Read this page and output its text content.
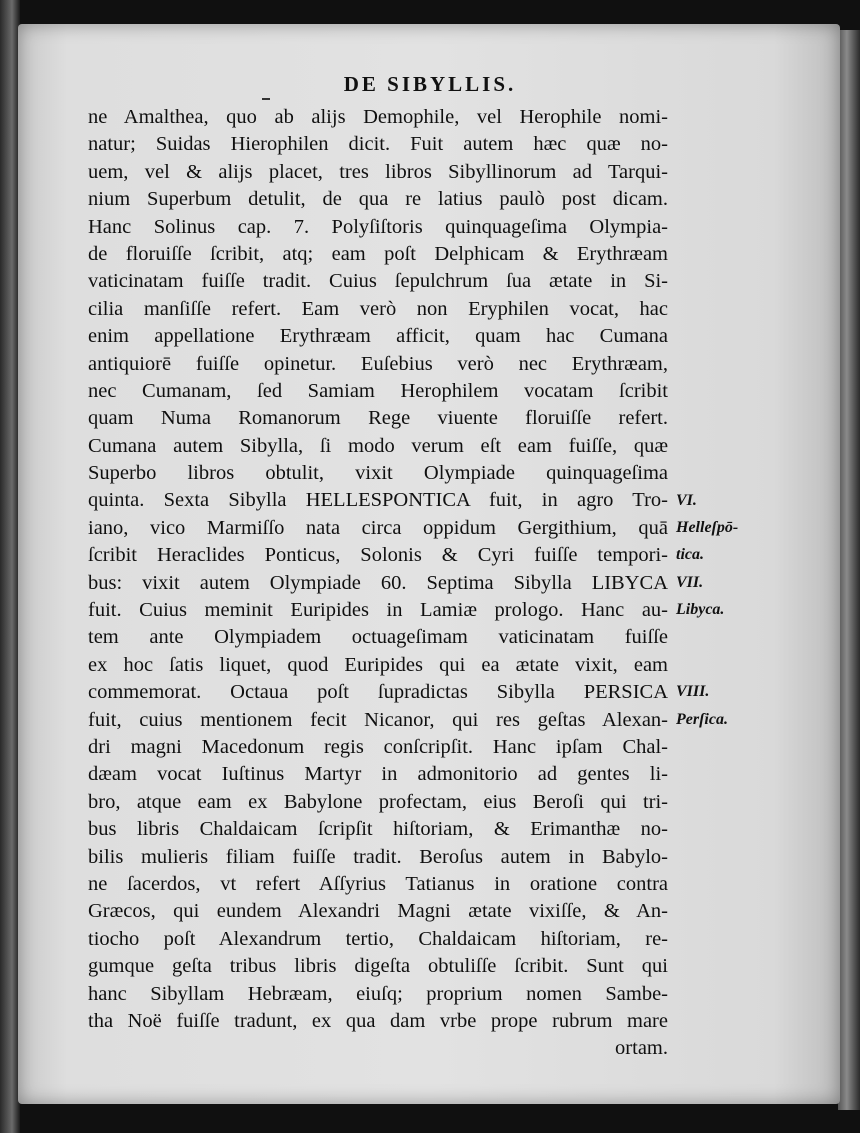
DE SIBYLLIS.
ne Amalthea, quo ab alijs Demophile, vel Herophile nomi-
natur; Suidas Hierophilen dicit. Fuit autem hæc quæ no-
uem, vel & alijs placet, tres libros Sibyllinorum ad Tarqui-
nium Superbum detulit, de qua re latius paulò post dicam.
Hanc Solinus cap. 7. Polyſiſtoris quinquageſima Olympia-
de floruiſſe ſcribit, atq; eam poſt Delphicam & Erythræam
vaticinatam fuiſſe tradit. Cuius ſepulchrum ſua ætate in Si-
cilia manſiſſe refert. Eam verò non Eryphilen vocat, hac
enim appellatione Erythræam afficit, quam hac Cumana
antiquiorē fuiſſe opinetur. Euſebius verò nec Erythræam,
nec Cumanam, ſed Samiam Herophilem vocatam ſcribit
quam Numa Romanorum Rege viuente floruiſſe refert.
Cumana autem Sibylla, ſi modo verum eſt eam fuiſſe, quæ
Superbo libros obtulit, vixit Olympiade quinquageſima
quinta. Sexta Sibylla HELLESPONTICA fuit, in agro Tro-
iano, vico Marmiſſo nata circa oppidum Gergithium, quā
ſcribit Heraclides Ponticus, Solonis & Cyri fuiſſe tempori-
bus: vixit autem Olympiade 60. Septima Sibylla LIBYCA
fuit. Cuius meminit Euripides in Lamiæ prologo. Hanc au-
tem ante Olympiadem octuageſimam vaticinatam fuiſſe
ex hoc ſatis liquet, quod Euripides qui ea ætate vixit, eam
commemorat. Octaua poſt ſupradictas Sibylla PERSICA
fuit, cuius mentionem fecit Nicanor, qui res geſtas Alexan-
dri magni Macedonum regis conſcripſit. Hanc ipſam Chal-
dæam vocat Iuſtinus Martyr in admonitorio ad gentes li-
bro, atque eam ex Babylone profectam, eius Beroſi qui tri-
bus libris Chaldaicam ſcripſit hiſtoriam, & Erimanthæ no-
bilis mulieris filiam fuiſſe tradit. Beroſus autem in Babylo-
ne ſacerdos, vt refert Aſſyrius Tatianus in oratione contra
Græcos, qui eundem Alexandri Magni ætate vixiſſe, & An-
tiocho poſt Alexandrum tertio, Chaldaicam hiſtoriam, re-
gumque geſta tribus libris digeſta obtuliſſe ſcribit. Sunt qui
hanc Sibyllam Hebræam, eiuſq; proprium nomen Sambe-
tha Noë fuiſſe tradunt, ex qua dam vrbe prope rubrum mare
ortam.
VI.
Helleſpō-
tica.
VII.
Libyca.
VIII.
Perſica.
